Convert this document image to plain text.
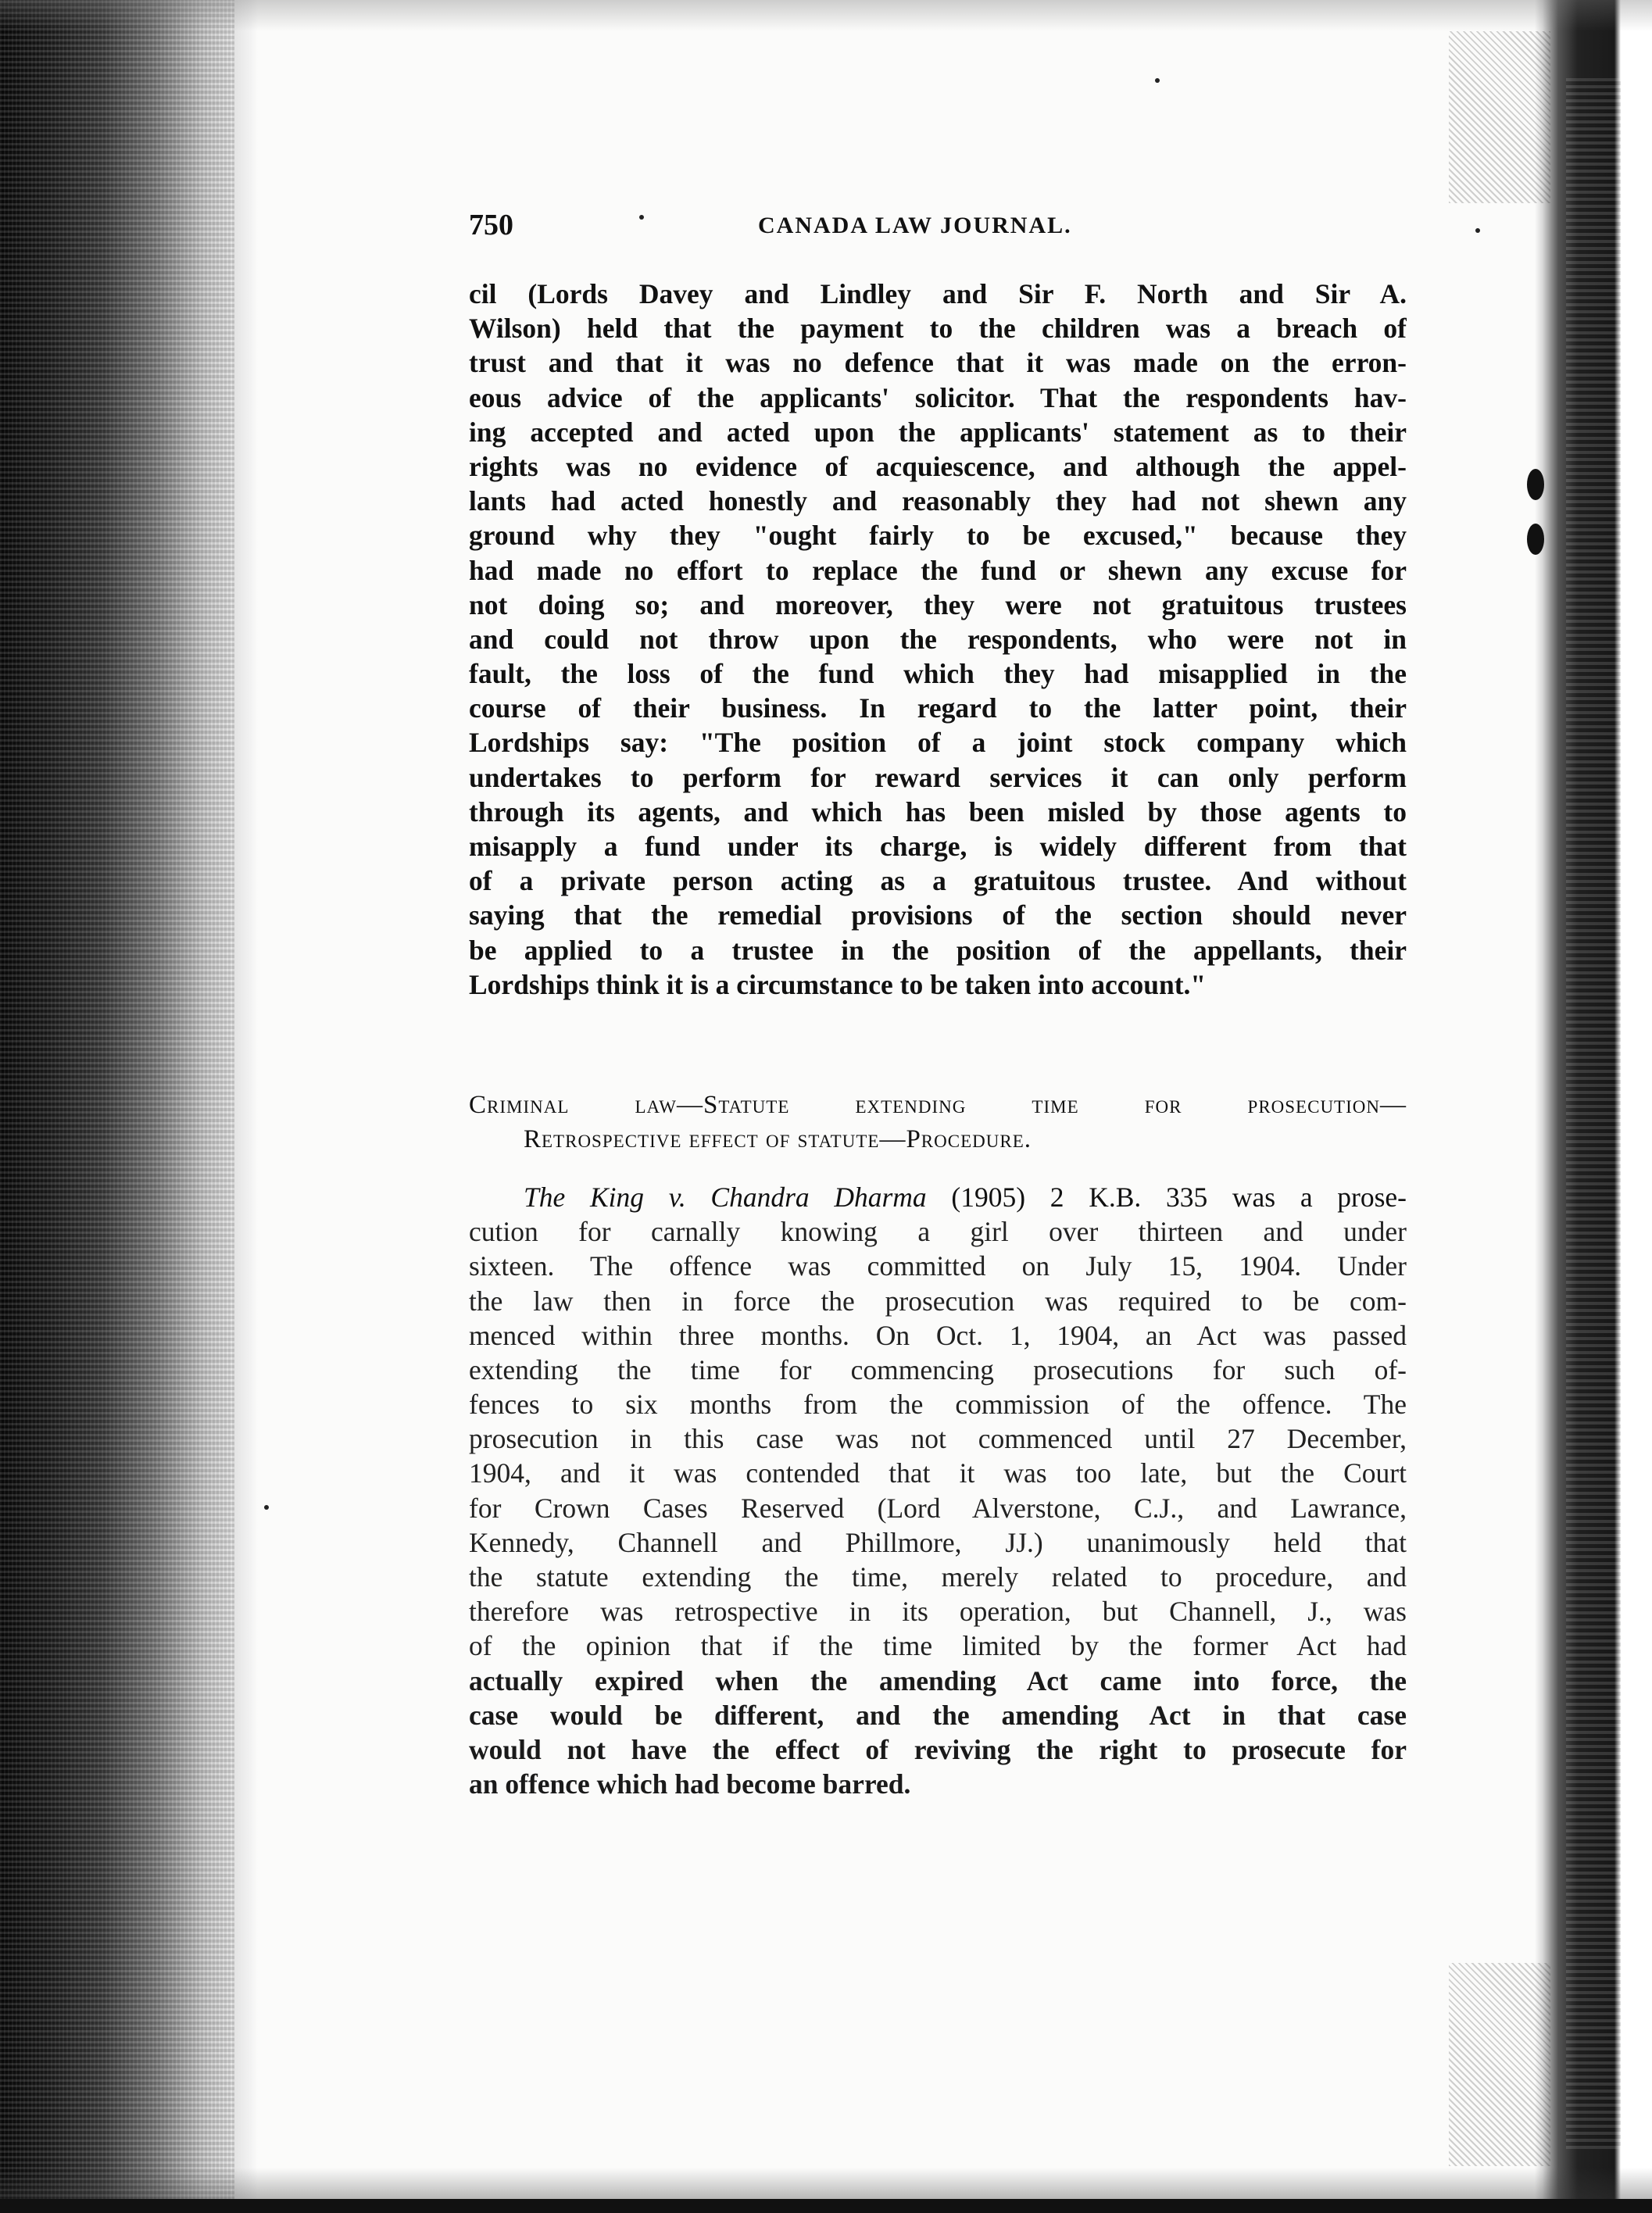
750	CANADA LAW JOURNAL.
cil (Lords Davey and Lindley and Sir F. North and Sir A.
Wilson) held that the payment to the children was a breach of
trust and that it was no defence that it was made on the erron-
eous advice of the applicants' solicitor. That the respondents hav-
ing accepted and acted upon the applicants' statement as to their
rights was no evidence of acquiescence, and although the appel-
lants had acted honestly and reasonably they had not shewn any
ground why they "ought fairly to be excused," because they
had made no effort to replace the fund or shewn any excuse for
not doing so; and moreover, they were not gratuitous trustees
and could not throw upon the respondents, who were not in
fault, the loss of the fund which they had misapplied in the
course of their business. In regard to the latter point, their
Lordships say: "The position of a joint stock company which
undertakes to perform for reward services it can only perform
through its agents, and which has been misled by those agents to
misapply a fund under its charge, is widely different from that
of a private person acting as a gratuitous trustee. And without
saying that the remedial provisions of the section should never
be applied to a trustee in the position of the appellants, their
Lordships think it is a circumstance to be taken into account."
Criminal law—Statute extending time for prosecution—
Retrospective effect of statute—Procedure.
The King v. Chandra Dharma (1905) 2 K.B. 335 was a prose-
cution for carnally knowing a girl over thirteen and under
sixteen. The offence was committed on July 15, 1904. Under
the law then in force the prosecution was required to be com-
menced within three months. On Oct. 1, 1904, an Act was passed
extending the time for commencing prosecutions for such of-
fences to six months from the commission of the offence. The
prosecution in this case was not commenced until 27 December,
1904, and it was contended that it was too late, but the Court
for Crown Cases Reserved (Lord Alverstone, C.J., and Lawrance,
Kennedy, Channell and Phillmore, JJ.) unanimously held that
the statute extending the time, merely related to procedure, and
therefore was retrospective in its operation, but Channell, J., was
of the opinion that if the time limited by the former Act had
actually expired when the amending Act came into force, the
case would be different, and the amending Act in that case
would not have the effect of reviving the right to prosecute for
an offence which had become barred.
